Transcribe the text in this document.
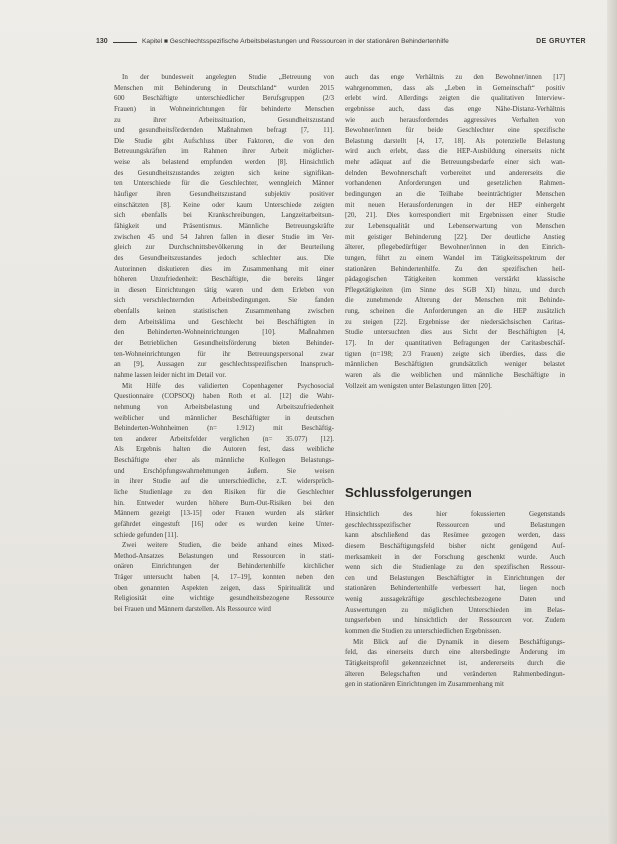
130	Kapitel ■ Geschlechtsspezifische Arbeitsbelastungen und Ressourcen in der stationären Behindertenhilfe	DE GRUYTER
In der bundesweit angelegten Studie „Betreuung von
Menschen mit Behinderung in Deutschland“ wurden 2015
600 Beschäftigte unterschiedlicher Berufsgruppen (2/3
Frauen) in Wohneinrichtungen für behinderte Menschen
zu ihrer Arbeitssituation, Gesundheitszustand
und gesundheitsfördernden Maßnahmen befragt [7, 11].
Die Studie gibt Aufschluss über Faktoren, die von den
Betreuungskräften im Rahmen ihrer Arbeit möglicher-
weise als belastend empfunden werden [8]. Hinsichtlich
des Gesundheitszustandes zeigten sich keine signifikan-
ten Unterschiede für die Geschlechter, wenngleich Männer
häufiger ihren Gesundheitszustand subjektiv positiver
einschätzten [8]. Keine oder kaum Unterschiede zeigten
sich ebenfalls bei Krankschreibungen, Langzeitarbeitsun-
fähigkeit und Präsentismus. Männliche Betreuungskräfte
zwischen 45 und 54 Jahren fallen in dieser Studie im Ver-
gleich zur Durchschnittsbevölkerung in der Beurteilung
des Gesundheitszustandes jedoch schlechter aus. Die
Autorinnen diskutieren dies im Zusammenhang mit einer
höheren Unzufriedenheit: Beschäftigte, die bereits länger
in diesen Einrichtungen tätig waren und dem Erleben von
sich verschlechternden Arbeitsbedingungen. Sie fanden
ebenfalls keinen statistischen Zusammenhang zwischen
dem Arbeitsklima und Geschlecht bei Beschäftigten in
den Behinderten-Wohneinrichtungen [10]. Maßnahmen
der Betrieblichen Gesundheitsförderung bieten Behinder-
ten-Wohneinrichtungen für ihr Betreuungspersonal zwar
an [9], Aussagen zur geschlechtsspezifischen Inanspruch-
nahme lassen leider nicht im Detail vor.
Mit Hilfe des validierten Copenhagener Psychosocial
Questionnaire (COPSOQ) haben Roth et al. [12] die Wahr-
nehmung von Arbeitsbelastung und Arbeitszufriedenheit
weiblicher und männlicher Beschäftigter in deutschen
Behinderten-Wohnheimen (n= 1.912) mit Beschäftig-
ten anderer Arbeitsfelder verglichen (n= 35.077) [12].
Als Ergebnis halten die Autoren fest, dass weibliche
Beschäftigte eher als männliche Kollegen Belastungs-
und Erschöpfungswahrnehmungen äußern. Sie weisen
in ihrer Studie auf die unterschiedliche, z.T. widersprüch-
liche Studienlage zu den Risiken für die Geschlechter
hin. Entweder wurden höhere Burn-Out-Risiken bei den
Männern gezeigt [13-15] oder Frauen wurden als stärker
gefährdet eingestuft [16] oder es wurden keine Unter-
schiede gefunden [11].
Zwei weitere Studien, die beide anhand eines Mixed-
Method-Ansatzes Belastungen und Ressourcen in stati-
onären Einrichtungen der Behindertenhilfe kirchlicher
Träger untersucht haben [4, 17–19], konnten neben den
oben genannten Aspekten zeigen, dass Spiritualität und
Religiosität eine wichtige gesundheitsbezogene Ressource
bei Frauen und Männern darstellen. Als Ressource wird
auch das enge Verhältnis zu den Bewohner/innen [17]
wahrgenommen, dass als „Leben in Gemeinschaft“ positiv
erlebt wird. Allerdings zeigten die qualitativen Interview-
ergebnisse auch, dass das enge Nähe-Distanz-Verhältnis
wie auch herausforderndes aggressives Verhalten von
Bewohner/innen für beide Geschlechter eine spezifische
Belastung darstellt [4, 17, 18]. Als potenzielle Belastung
wird auch erlebt, dass die HEP-Ausbildung einerseits nicht
mehr adäquat auf die Betreuungsbedarfe einer sich wan-
delnden Bewohnerschaft vorbereitet und andererseits die
vorhandenen Anforderungen und gesetzlichen Rahmen-
bedingungen an die Teilhabe beeinträchtigter Menschen
mit neuen Herausforderungen in der HEP einhergeht
[20, 21]. Dies korrespondiert mit Ergebnissen einer Studie
zur Lebensqualität und Lebenserwartung von Menschen
mit geistiger Behinderung [22]. Der deutliche Anstieg
älterer, pflegebedürftiger Bewohner/innen in den Einrich-
tungen, führt zu einem Wandel im Tätigkeitsspektrum der
stationären Behindertenhilfe. Zu den spezifischen heil-
pädagogischen Tätigkeiten kommen verstärkt klassische
Pflegetätigkeiten (im Sinne des SGB XI) hinzu, und durch
die zunehmende Alterung der Menschen mit Behinde-
rung, scheinen die Anforderungen an die HEP zusätzlich
zu steigen [22]. Ergebnisse der niedersächsischen Caritas-
Studie untersuchten dies aus Sicht der Beschäftigten [4,
17]. In der quantitativen Befragungen der Caritasbeschäf-
tigten (n=198; 2/3 Frauen) zeigte sich überdies, dass die
männlichen Beschäftigten grundsätzlich weniger belastet
waren als die weiblichen und männliche Beschäftigte in
Vollzeit am wenigsten unter Belastungen litten [20].
Schlussfolgerungen
Hinsichtlich des hier fokussierten Gegenstands
geschlechtsspezifischer Ressourcen und Belastungen
kann abschließend das Resümee gezogen werden, dass
diesem Beschäftigungsfeld bisher nicht genügend Auf-
merksamkeit in der Forschung geschenkt wurde. Auch
wenn sich die Studienlage zu den spezifischen Ressour-
cen und Belastungen Beschäftigter in Einrichtungen der
stationären Behindertenhilfe verbessert hat, liegen noch
wenig aussagekräftige geschlechtsbezogene Daten und
Auswertungen zu möglichen Unterschieden im Belas-
tungserleben und hinsichtlich der Ressourcen vor. Zudem
kommen die Studien zu unterschiedlichen Ergebnissen.
Mit Blick auf die Dynamik in diesem Beschäftigungs-
feld, das einerseits durch eine altersbedingte Änderung im
Tätigkeitsprofil gekennzeichnet ist, andererseits durch die
älteren Belegschaften und veränderten Rahmenbedingun-
gen in stationären Einrichtungen im Zusammenhang mit
